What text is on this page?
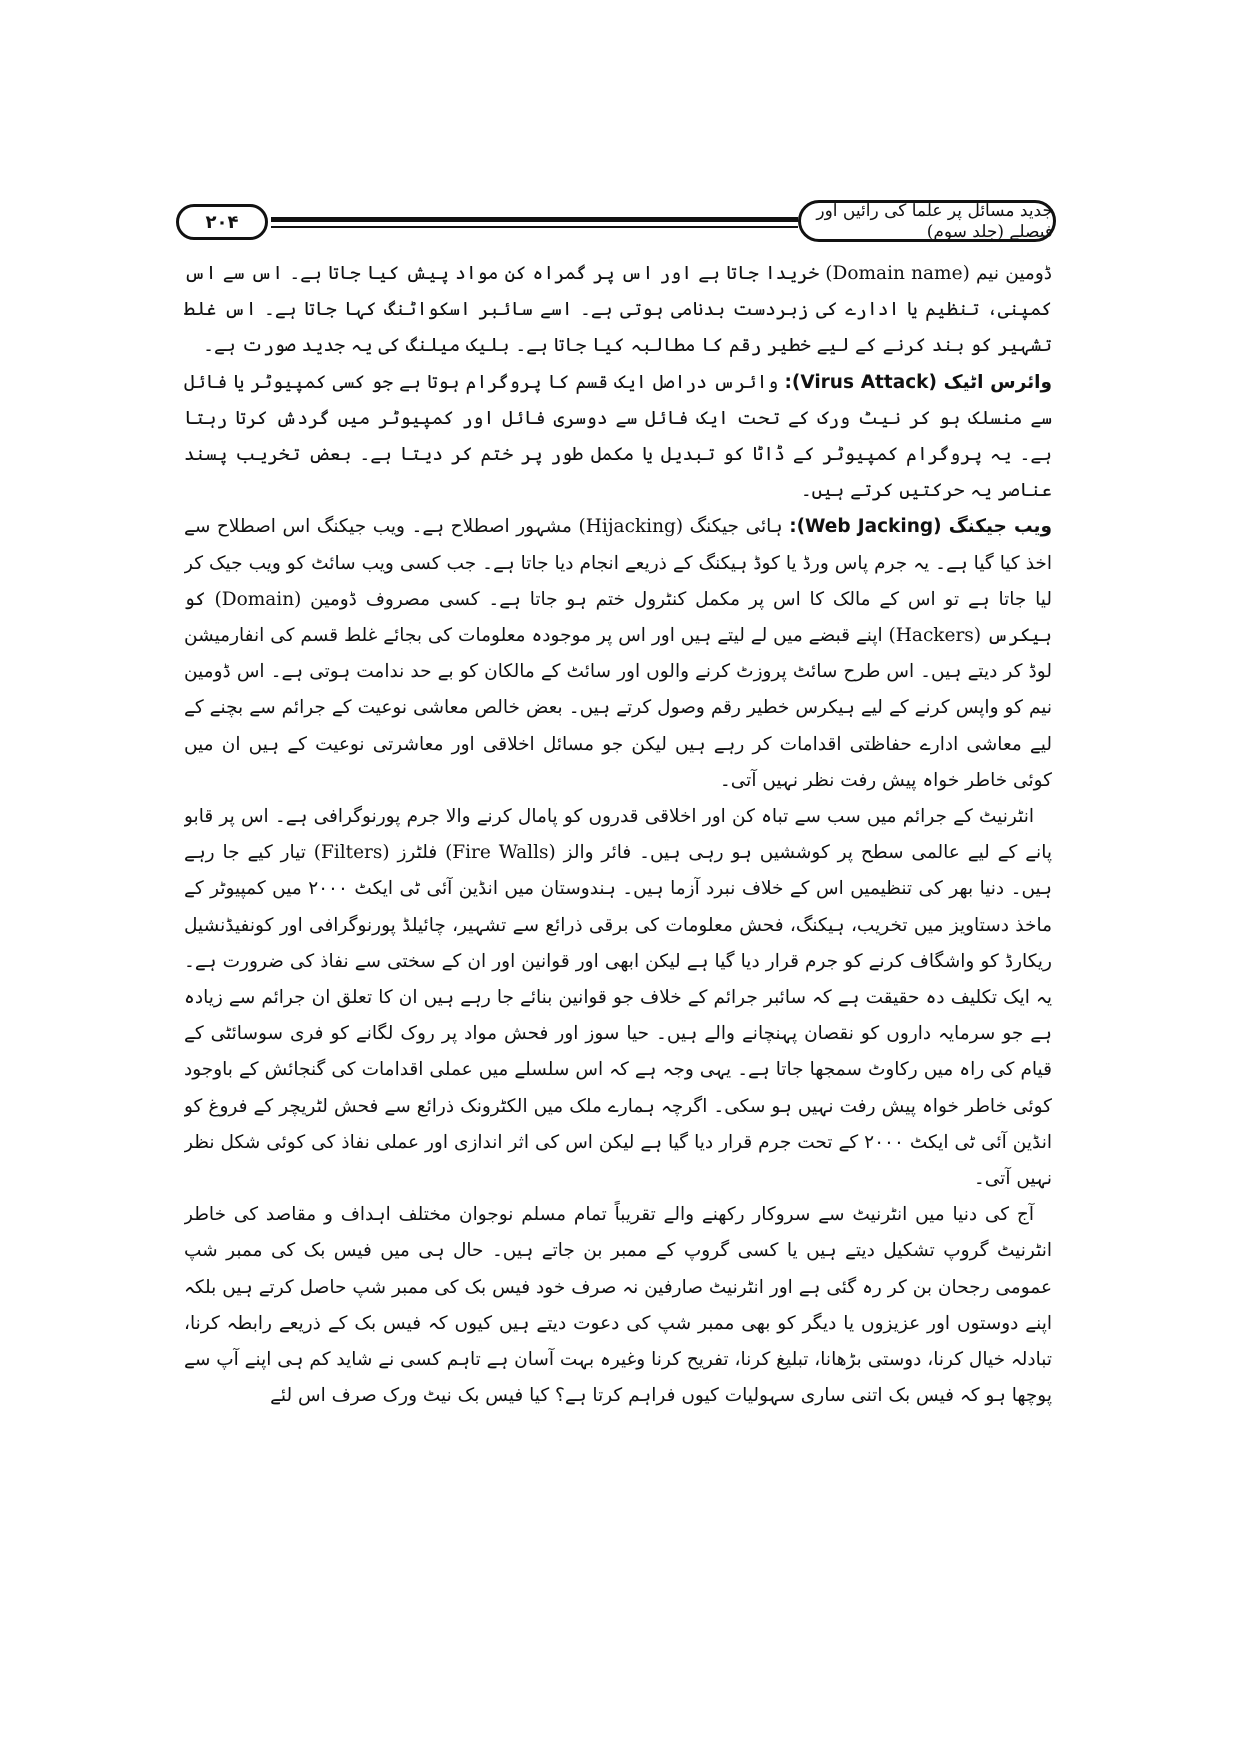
۲۰۴
جدید مسائل پر علما کی رائیں اور فیصلے (جلد سوم)

ڈومین نیم (Domain name) خریدا جاتا ہے اور اس پر گمراہ کن مواد پیش کیا جاتا ہے۔ اس سے اس کمپنی، تنظیم یا ادارے کی زبردست بدنامی ہوتی ہے۔ اسے سائبر اسکواٹنگ کہا جاتا ہے۔ اس غلط تشہیر کو بند کرنے کے لیے خطیر رقم کا مطالبہ کیا جاتا ہے۔ بلیک میلنگ کی یہ جدید صورت ہے۔

وائرس اٹیک (Virus Attack): وائرس دراصل ایک قسم کا پروگرام ہوتا ہے جو کسی کمپیوٹر یا فائل سے منسلک ہو کر نیٹ ورک کے تحت ایک فائل سے دوسری فائل اور کمپیوٹر میں گردش کرتا رہتا ہے۔ یہ پروگرام کمپیوٹر کے ڈاٹا کو تبدیل یا مکمل طور پر ختم کر دیتا ہے۔ بعض تخریب پسند عناصر یہ حرکتیں کرتے ہیں۔

ویب جیکنگ (Web Jacking): ہائی جیکنگ (Hijacking) مشہور اصطلاح ہے۔ ویب جیکنگ اس اصطلاح سے اخذ کیا گیا ہے۔ یہ جرم پاس ورڈ یا کوڈ ہیکنگ کے ذریعے انجام دیا جاتا ہے۔ جب کسی ویب سائٹ کو ویب جیک کر لیا جاتا ہے تو اس کے مالک کا اس پر مکمل کنٹرول ختم ہو جاتا ہے۔ کسی مصروف ڈومین (Domain) کو ہیکرس (Hackers) اپنے قبضے میں لے لیتے ہیں اور اس پر موجودہ معلومات کی بجائے غلط قسم کی انفارمیشن لوڈ کر دیتے ہیں۔ اس طرح سائٹ پروزٹ کرنے والوں اور سائٹ کے مالکان کو بے حد ندامت ہوتی ہے۔ اس ڈومین نیم کو واپس کرنے کے لیے ہیکرس خطیر رقم وصول کرتے ہیں۔ بعض خالص معاشی نوعیت کے جرائم سے بچنے کے لیے معاشی ادارے حفاظتی اقدامات کر رہے ہیں لیکن جو مسائل اخلاقی اور معاشرتی نوعیت کے ہیں ان میں کوئی خاطر خواہ پیش رفت نظر نہیں آتی۔

انٹرنیٹ کے جرائم میں سب سے تباہ کن اور اخلاقی قدروں کو پامال کرنے والا جرم پورنوگرافی ہے۔ اس پر قابو پانے کے لیے عالمی سطح پر کوششیں ہو رہی ہیں۔ فائر والز (Fire Walls) فلٹرز (Filters) تیار کیے جا رہے ہیں۔ دنیا بھر کی تنظیمیں اس کے خلاف نبرد آزما ہیں۔ ہندوستان میں انڈین آئی ٹی ایکٹ ۲۰۰۰ میں کمپیوٹر کے ماخذ دستاویز میں تخریب، ہیکنگ، فحش معلومات کی برقی ذرائع سے تشہیر، چائیلڈ پورنوگرافی اور کونفیڈنشیل ریکارڈ کو واشگاف کرنے کو جرم قرار دیا گیا ہے لیکن ابھی اور قوانین اور ان کے سختی سے نفاذ کی ضرورت ہے۔ یہ ایک تکلیف دہ حقیقت ہے کہ سائبر جرائم کے خلاف جو قوانین بنائے جا رہے ہیں ان کا تعلق ان جرائم سے زیادہ ہے جو سرمایہ داروں کو نقصان پہنچانے والے ہیں۔ حیا سوز اور فحش مواد پر روک لگانے کو فری سوسائٹی کے قیام کی راہ میں رکاوٹ سمجھا جاتا ہے۔ یہی وجہ ہے کہ اس سلسلے میں عملی اقدامات کی گنجائش کے باوجود کوئی خاطر خواہ پیش رفت نہیں ہو سکی۔ اگرچہ ہمارے ملک میں الکٹرونک ذرائع سے فحش لٹریچر کے فروغ کو انڈین آئی ٹی ایکٹ ۲۰۰۰ کے تحت جرم قرار دیا گیا ہے لیکن اس کی اثر اندازی اور عملی نفاذ کی کوئی شکل نظر نہیں آتی۔

آج کی دنیا میں انٹرنیٹ سے سروکار رکھنے والے تقریباً تمام مسلم نوجوان مختلف اہداف و مقاصد کی خاطر انٹرنیٹ گروپ تشکیل دیتے ہیں یا کسی گروپ کے ممبر بن جاتے ہیں۔ حال ہی میں فیس بک کی ممبر شپ عمومی رجحان بن کر رہ گئی ہے اور انٹرنیٹ صارفین نہ صرف خود فیس بک کی ممبر شپ حاصل کرتے ہیں بلکہ اپنے دوستوں اور عزیزوں یا دیگر کو بھی ممبر شپ کی دعوت دیتے ہیں کیوں کہ فیس بک کے ذریعے رابطہ کرنا، تبادلہ خیال کرنا، دوستی بڑھانا، تبلیغ کرنا، تفریح کرنا وغیرہ بہت آسان ہے تاہم کسی نے شاید کم ہی اپنے آپ سے پوچھا ہو کہ فیس بک اتنی ساری سہولیات کیوں فراہم کرتا ہے؟ کیا فیس بک نیٹ ورک صرف اس لئے
